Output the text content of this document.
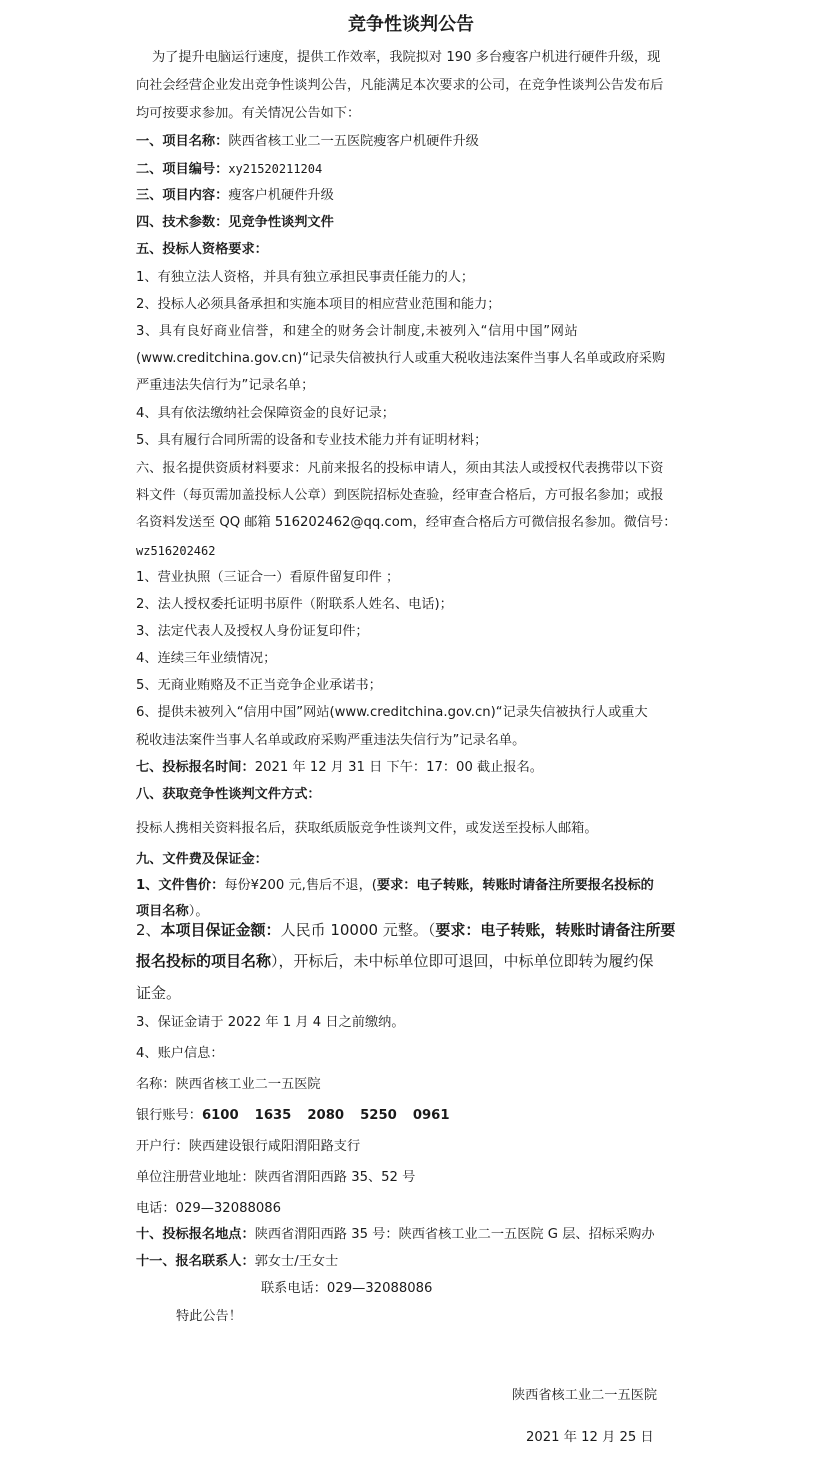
竞争性谈判公告
为了提升电脑运行速度，提供工作效率，我院拟对 190 多台瘦客户机进行硬件升级，现
向社会经营企业发出竞争性谈判公告，凡能满足本次要求的公司，在竞争性谈判公告发布后
均可按要求参加。有关情况公告如下：
一、项目名称：陕西省核工业二一五医院瘦客户机硬件升级
二、项目编号：xy21520211204
三、项目内容：瘦客户机硬件升级
四、技术参数：见竞争性谈判文件
五、投标人资格要求：
1、有独立法人资格，并具有独立承担民事责任能力的人；
2、投标人必须具备承担和实施本项目的相应营业范围和能力；
3、具有良好商业信誉，和建全的财务会计制度,未被列入“信用中国”网站
(www.creditchina.gov.cn)“记录失信被执行人或重大税收违法案件当事人名单或政府采购
严重违法失信行为”记录名单；
4、具有依法缴纳社会保障资金的良好记录；
5、具有履行合同所需的设备和专业技术能力并有证明材料；
六、报名提供资质材料要求：凡前来报名的投标申请人，须由其法人或授权代表携带以下资
料文件（每页需加盖投标人公章）到医院招标处查验，经审查合格后，方可报名参加；或报
名资料发送至 QQ 邮箱 516202462@qq.com，经审查合格后方可微信报名参加。微信号：
wz516202462
1、营业执照（三证合一）看原件留复印件 ；
2、法人授权委托证明书原件（附联系人姓名、电话)；
3、法定代表人及授权人身份证复印件；
4、连续三年业绩情况；
5、无商业贿赂及不正当竞争企业承诺书；
6、提供未被列入“信用中国”网站(www.creditchina.gov.cn)“记录失信被执行人或重大
税收违法案件当事人名单或政府采购严重违法失信行为”记录名单。
七、投标报名时间：2021 年 12 月 31 日 下午：17：00 截止报名。
八、获取竞争性谈判文件方式：
投标人携相关资料报名后，获取纸质版竞争性谈判文件，或发送至投标人邮箱。
九、文件费及保证金：
1、文件售价：每份¥200 元,售后不退，(要求：电子转账，转账时请备注所要报名投标的
项目名称）。
2、本项目保证金额：人民币 10000 元整。（要求：电子转账，转账时请备注所要
报名投标的项目名称），开标后，未中标单位即可退回，中标单位即转为履约保
证金。
3、保证金请于 2022 年 1 月 4 日之前缴纳。
4、账户信息：
名称：陕西省核工业二一五医院
银行账号：6100 1635 2080 5250 0961
开户行：陕西建设银行咸阳渭阳路支行
单位注册营业地址：陕西省渭阳西路 35、52 号
电话：029—32088086
十、投标报名地点：陕西省渭阳西路 35 号：陕西省核工业二一五医院 G 层、招标采购办
十一、报名联系人：郭女士/王女士
联系电话：029—32088086
特此公告！
陕西省核工业二一五医院
2021 年 12 月 25 日
